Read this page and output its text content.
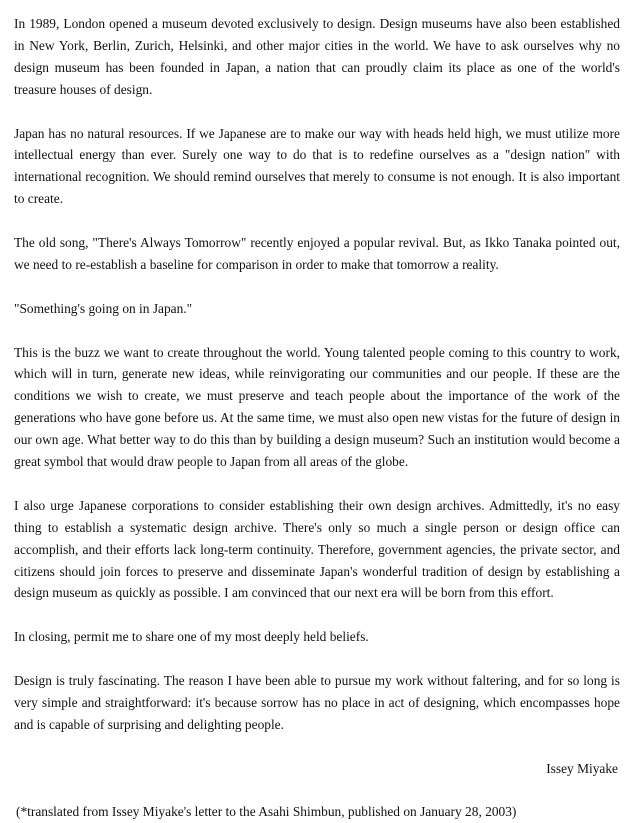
In 1989, London opened a museum devoted exclusively to design. Design museums have also been established in New York, Berlin, Zurich, Helsinki, and other major cities in the world. We have to ask ourselves why no design museum has been founded in Japan, a nation that can proudly claim its place as one of the world's treasure houses of design.

Japan has no natural resources. If we Japanese are to make our way with heads held high, we must utilize more intellectual energy than ever. Surely one way to do that is to redefine ourselves as a "design nation" with international recognition. We should remind ourselves that merely to consume is not enough. It is also important to create.

The old song, "There's Always Tomorrow" recently enjoyed a popular revival. But, as Ikko Tanaka pointed out, we need to re-establish a baseline for comparison in order to make that tomorrow a reality.

"Something's going on in Japan."

This is the buzz we want to create throughout the world. Young talented people coming to this country to work, which will in turn, generate new ideas, while reinvigorating our communities and our people. If these are the conditions we wish to create, we must preserve and teach people about the importance of the work of the generations who have gone before us. At the same time, we must also open new vistas for the future of design in our own age. What better way to do this than by building a design museum? Such an institution would become a great symbol that would draw people to Japan from all areas of the globe.

I also urge Japanese corporations to consider establishing their own design archives. Admittedly, it's no easy thing to establish a systematic design archive. There's only so much a single person or design office can accomplish, and their efforts lack long-term continuity. Therefore, government agencies, the private sector, and citizens should join forces to preserve and disseminate Japan's wonderful tradition of design by establishing a design museum as quickly as possible. I am convinced that our next era will be born from this effort.

In closing, permit me to share one of my most deeply held beliefs.

Design is truly fascinating. The reason I have been able to pursue my work without faltering, and for so long is very simple and straightforward: it's because sorrow has no place in act of designing, which encompasses hope and is capable of surprising and delighting people.

Issey Miyake

(*translated from Issey Miyake's letter to the Asahi Shimbun, published on January 28, 2003)
